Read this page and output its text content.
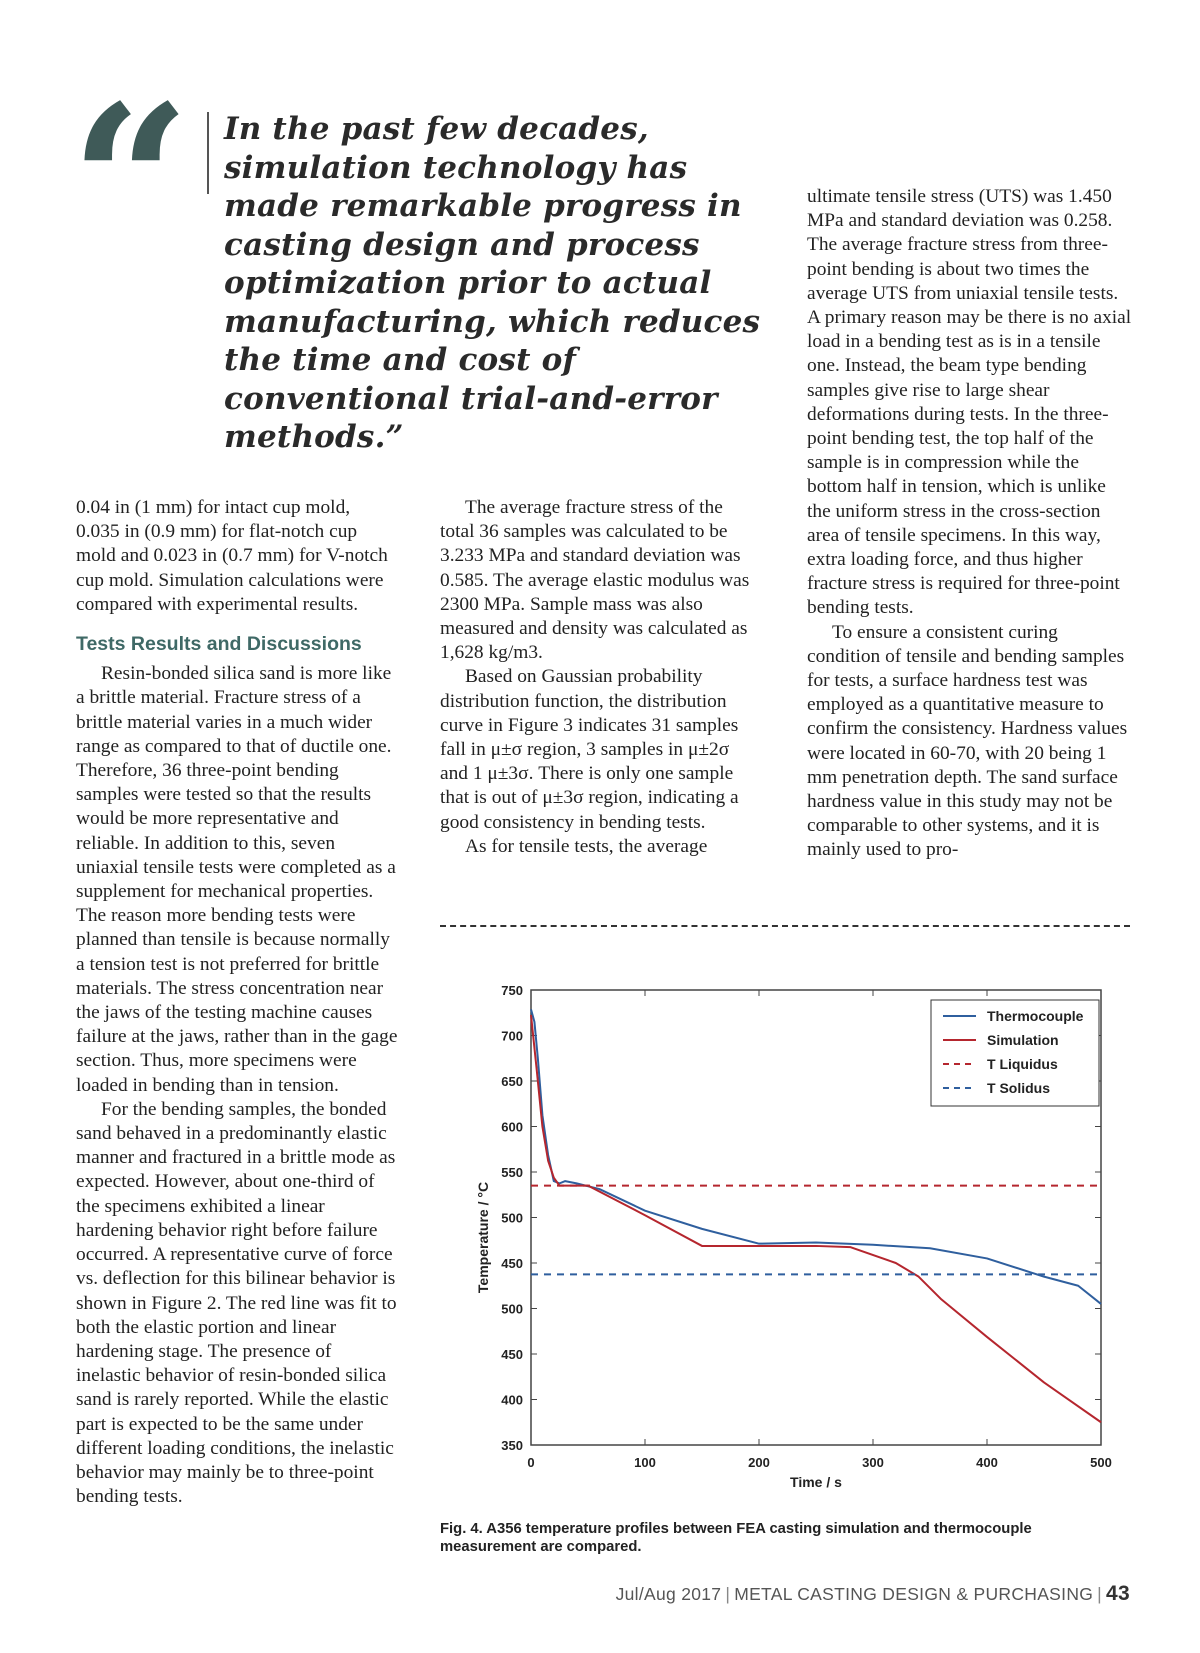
“ In the past few decades, simulation technology has made remarkable progress in casting design and process optimization prior to actual manufacturing, which reduces the time and cost of conventional trial-and-error methods.”

0.04 in (1 mm) for intact cup mold, 0.035 in (0.9 mm) for flat-notch cup mold and 0.023 in (0.7 mm) for V-notch cup mold. Simulation calculations were compared with experimental results.

Tests Results and Discussions

Resin-bonded silica sand is more like a brittle material. Fracture stress of a brittle material varies in a much wider range as compared to that of ductile one. Therefore, 36 three-point bending samples were tested so that the results would be more representative and reliable. In addition to this, seven uniaxial tensile tests were completed as a supplement for mechanical properties. The reason more bending tests were planned than tensile is because normally a tension test is not preferred for brittle materials. The stress concentration near the jaws of the testing machine causes failure at the jaws, rather than in the gage section. Thus, more specimens were loaded in bending than in tension.

For the bending samples, the bonded sand behaved in a predominantly elastic manner and fractured in a brittle mode as expected. However, about one-third of the specimens exhibited a linear hardening behavior right before failure occurred. A representative curve of force vs. deflection for this bilinear behavior is shown in Figure 2. The red line was fit to both the elastic portion and linear hardening stage. The presence of inelastic behavior of resin-bonded silica sand is rarely reported. While the elastic part is expected to be the same under different loading conditions, the inelastic behavior may mainly be to three-point bending tests.

The average fracture stress of the total 36 samples was calculated to be 3.233 MPa and standard deviation was 0.585. The average elastic modulus was 2300 MPa. Sample mass was also measured and density was calculated as 1,628 kg/m3.

Based on Gaussian probability distribution function, the distribution curve in Figure 3 indicates 31 samples fall in μ±σ region, 3 samples in μ±2σ and 1 μ±3σ. There is only one sample that is out of μ±3σ region, indicating a good consistency in bending tests.

As for tensile tests, the average

ultimate tensile stress (UTS) was 1.450 MPa and standard deviation was 0.258. The average fracture stress from three-point bending is about two times the average UTS from uniaxial tensile tests. A primary reason may be there is no axial load in a bending test as is in a tensile one. Instead, the beam type bending samples give rise to large shear deformations during tests. In the three-point bending test, the top half of the sample is in compression while the bottom half in tension, which is unlike the uniform stress in the cross-section area of tensile specimens. In this way, extra loading force, and thus higher fracture stress is required for three-point bending tests.

To ensure a consistent curing condition of tensile and bending samples for tests, a surface hardness test was employed as a quantitative measure to confirm the consistency. Hardness values were located in 60-70, with 20 being 1 mm penetration depth. The sand surface hardness value in this study may not be comparable to other systems, and it is mainly used to pro-

750
700
650
600
550
500
450
500
450
400
350
0	100	200	300	400	500
Time / s
Temperature / °C
Thermocouple
Simulation
T Liquidus
T Solidus

Fig. 4. A356 temperature profiles between FEA casting simulation and thermocouple measurement are compared.

Jul/Aug 2017 | METAL CASTING DESIGN & PURCHASING | 43
